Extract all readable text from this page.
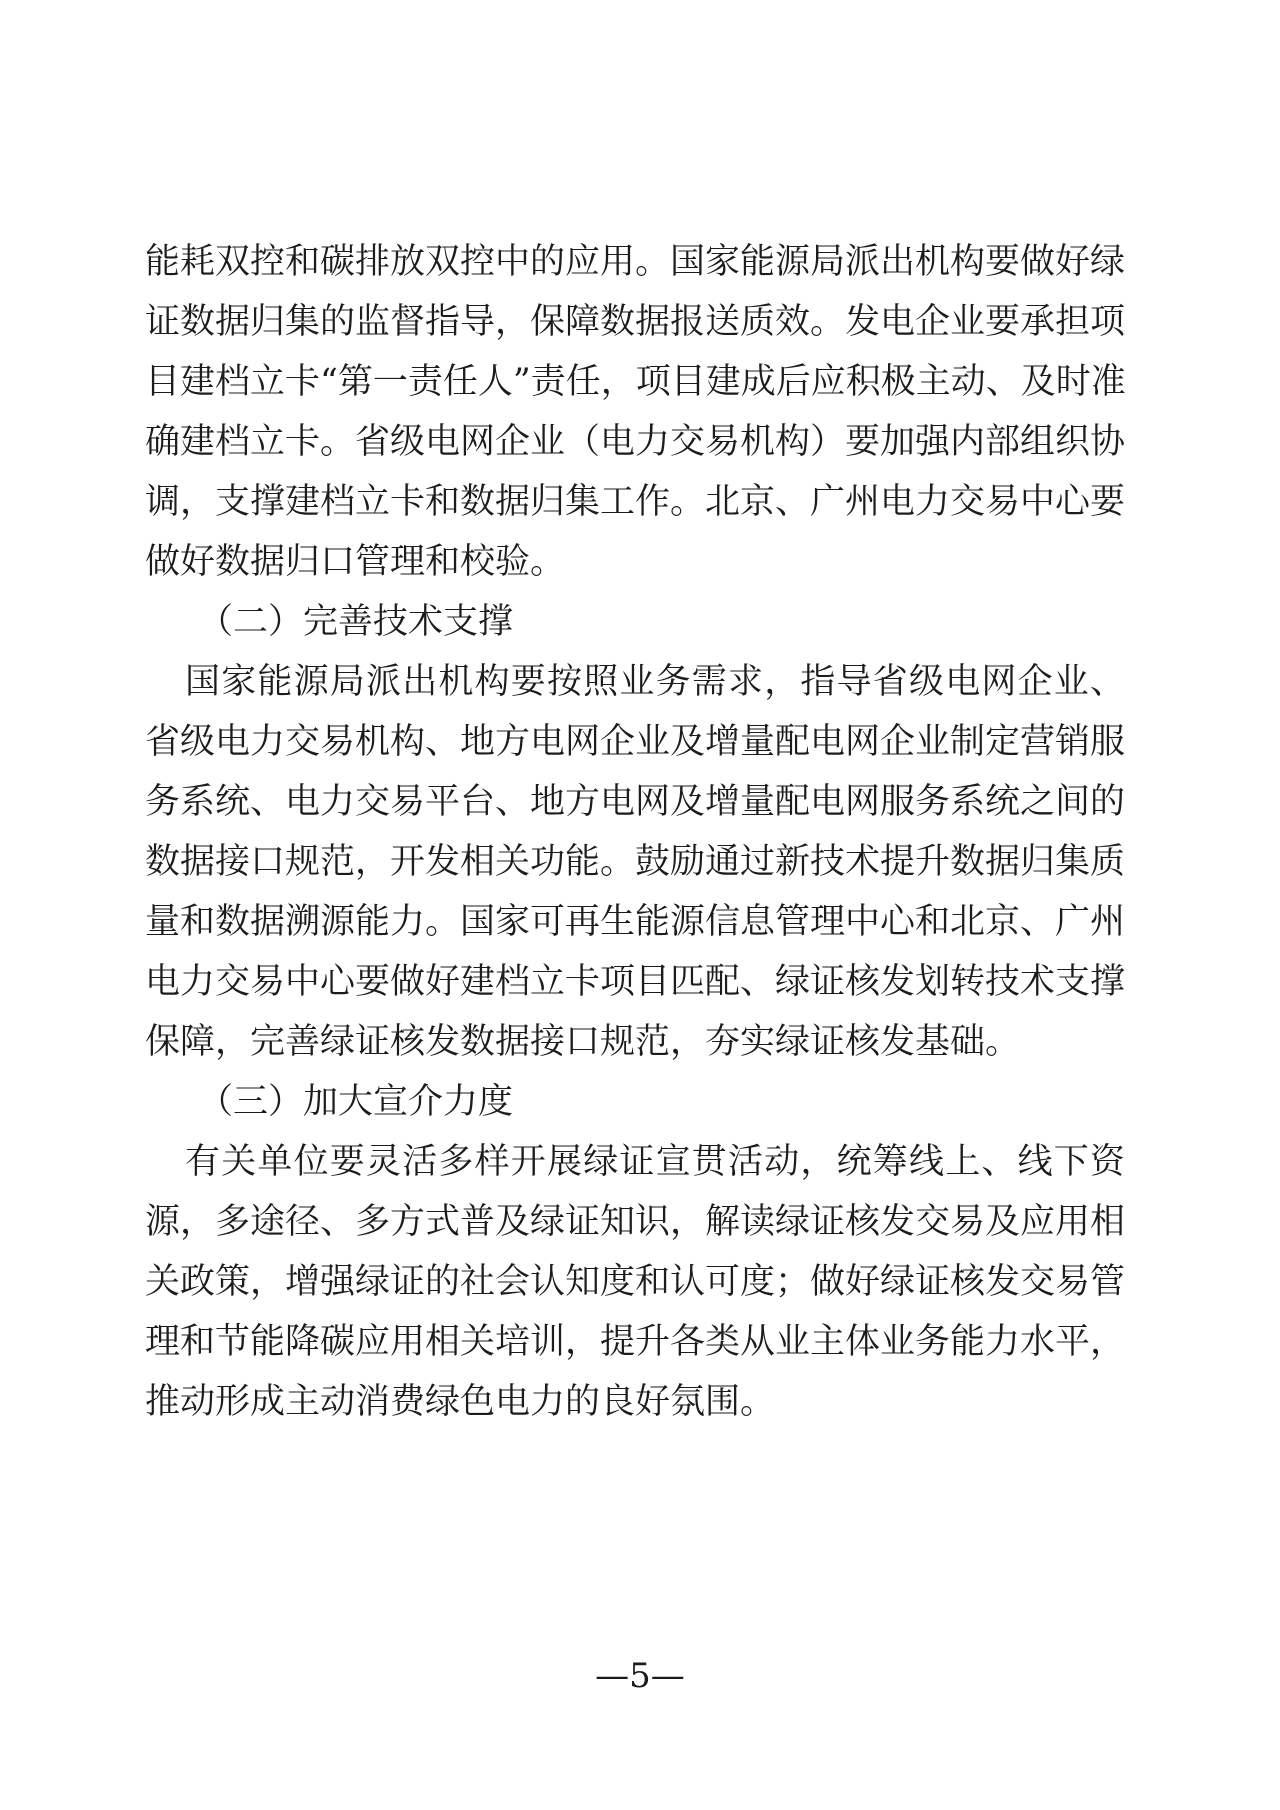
能耗双控和碳排放双控中的应用。国家能源局派出机构要做好绿
证数据归集的监督指导，保障数据报送质效。发电企业要承担项
目建档立卡“第一责任人”责任，项目建成后应积极主动、及时准
确建档立卡。省级电网企业（电力交易机构）要加强内部组织协
调，支撑建档立卡和数据归集工作。北京、广州电力交易中心要
做好数据归口管理和校验。
（二）完善技术支撑
国家能源局派出机构要按照业务需求，指导省级电网企业、
省级电力交易机构、地方电网企业及增量配电网企业制定营销服
务系统、电力交易平台、地方电网及增量配电网服务系统之间的
数据接口规范，开发相关功能。鼓励通过新技术提升数据归集质
量和数据溯源能力。国家可再生能源信息管理中心和北京、广州
电力交易中心要做好建档立卡项目匹配、绿证核发划转技术支撑
保障，完善绿证核发数据接口规范，夯实绿证核发基础。
（三）加大宣介力度
有关单位要灵活多样开展绿证宣贯活动，统筹线上、线下资
源，多途径、多方式普及绿证知识，解读绿证核发交易及应用相
关政策，增强绿证的社会认知度和认可度；做好绿证核发交易管
理和节能降碳应用相关培训，提升各类从业主体业务能力水平，
推动形成主动消费绿色电力的良好氛围。
—5—
